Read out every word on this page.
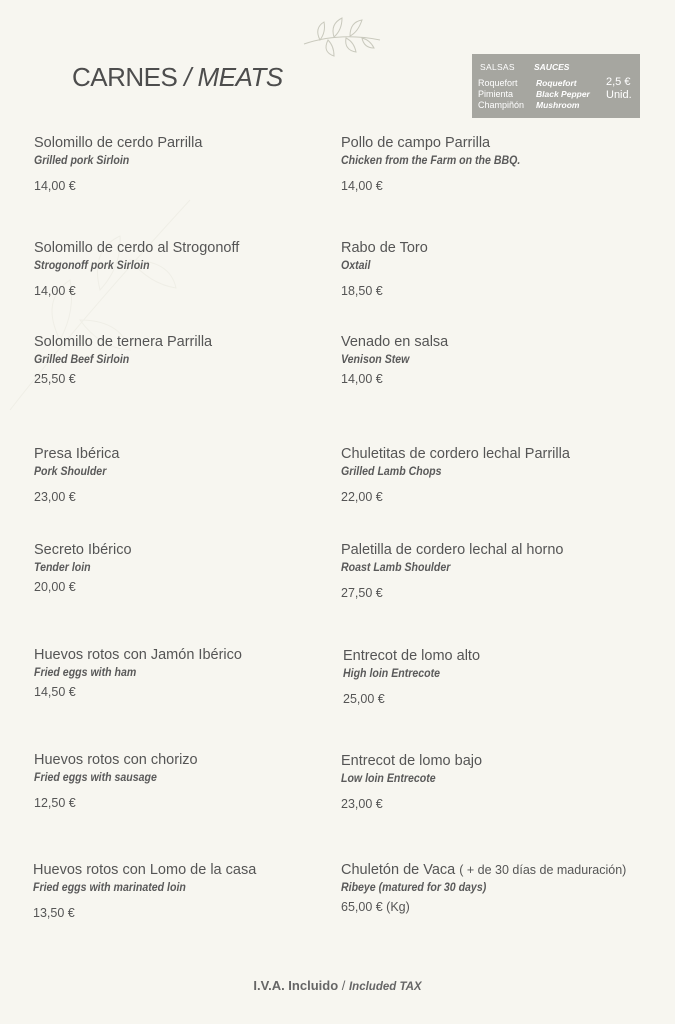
CARNES / MEATS	SALSAS SAUCES
Roquefort
Pimienta
Champiñón
Roquefort
Black Pepper
Mushroom
2,5 €
Unid.
Solomillo de cerdo Parrilla
Grilled pork Sirloin
14,00 €
Pollo de campo Parrilla
Chicken from the Farm on the BBQ.
14,00 €
Solomillo de cerdo al Strogonoff
Strogonoff pork Sirloin
14,00 €
Rabo de Toro
Oxtail
18,50 €
Solomillo de ternera Parrilla
Grilled Beef Sirloin
25,50 €
Venado en salsa
Venison Stew
14,00 €
Presa Ibérica
Pork Shoulder
23,00 €
Chuletitas de cordero lechal Parrilla
Grilled Lamb Chops
22,00 €
Secreto Ibérico
Tender loin
20,00 €
Paletilla de cordero lechal al horno
Roast Lamb Shoulder
27,50 €
Huevos rotos con Jamón Ibérico
Fried eggs with ham
14,50 €
Entrecot de lomo alto
High loin Entrecote
25,00 €
Huevos rotos con chorizo
Fried eggs with sausage
12,50 €
Entrecot de lomo bajo
Low loin Entrecote
23,00 €
Huevos rotos con Lomo de la casa
Fried eggs with marinated loin
13,50 €
Chuletón de Vaca ( + de 30 días de maduración)
Ribeye (matured for 30 days)
65,00 € (Kg)
I.V.A. Incluido / Included TAX
